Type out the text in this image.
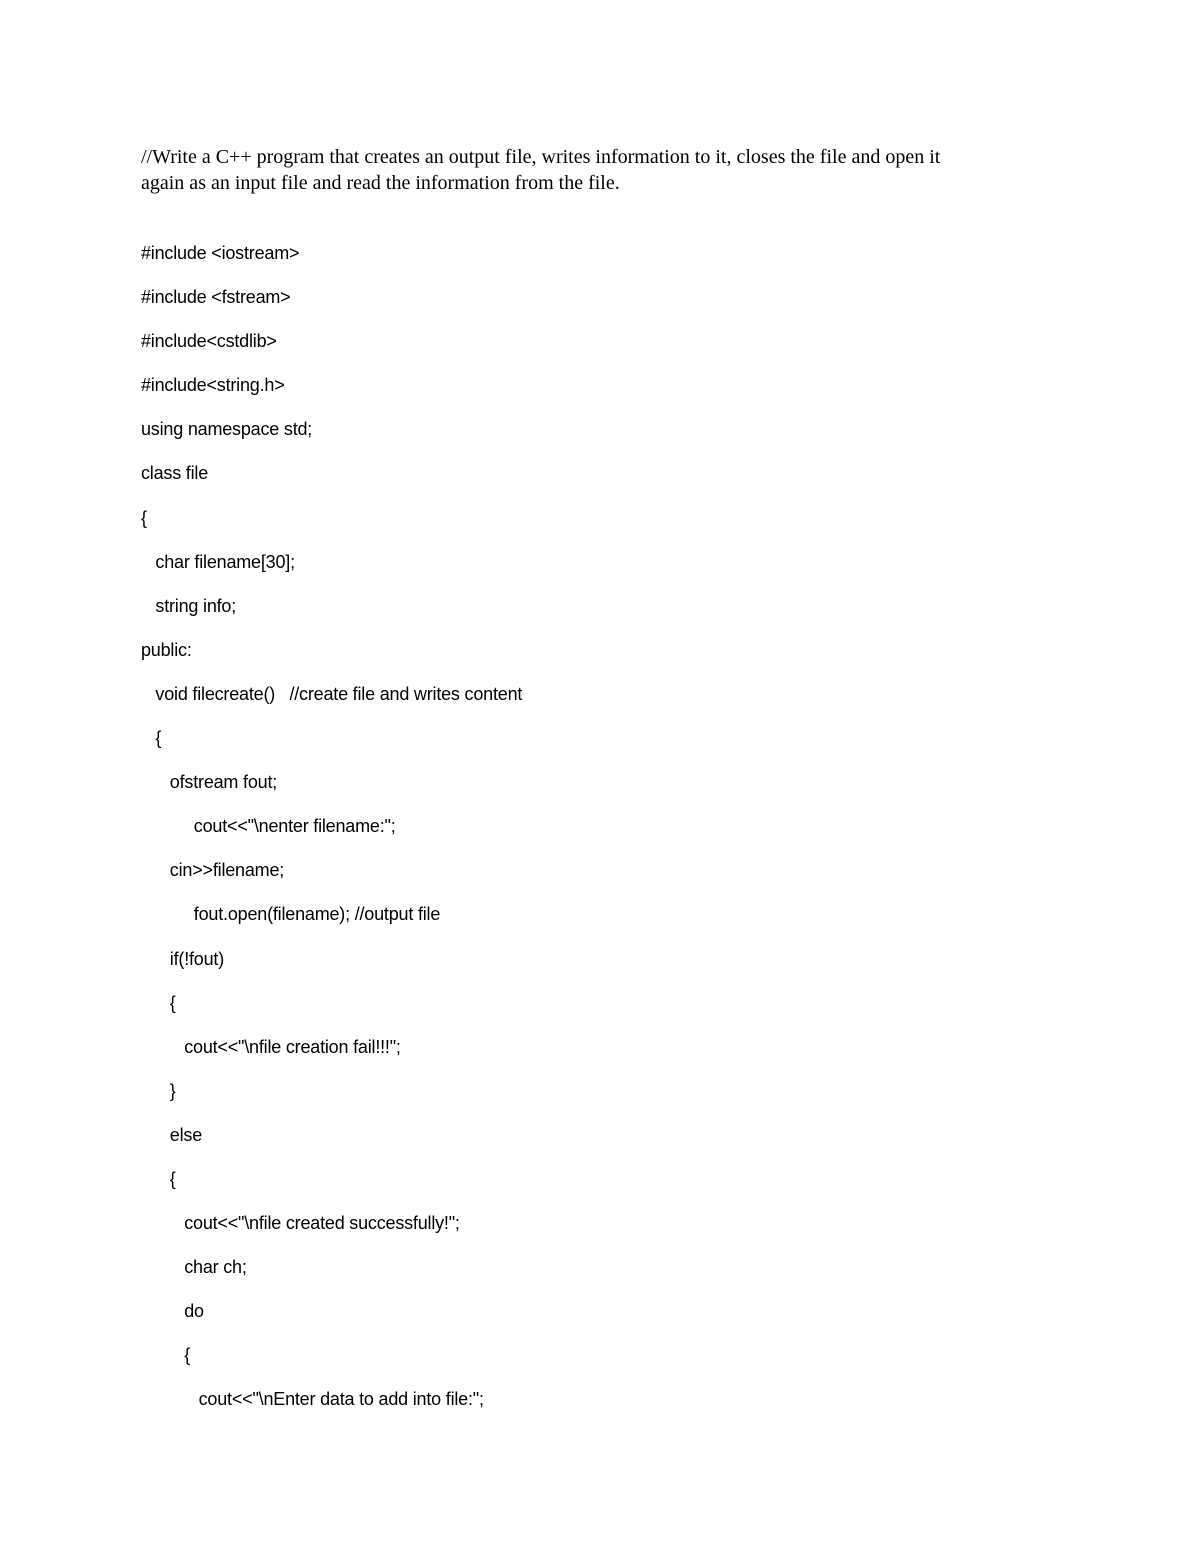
//Write a C++ program that creates an output file, writes information to it, closes the file and open it
again as an input file and read the information from the file.
#include <iostream>
#include <fstream>
#include<cstdlib>
#include<string.h>
using namespace std;
class file
{
char filename[30];
string info;
public:
void filecreate()   //create file and writes content
{
ofstream fout;
cout<<"\nenter filename:";
cin>>filename;
fout.open(filename); //output file
if(!fout)
{
cout<<"\nfile creation fail!!!";
}
else
{
cout<<"\nfile created successfully!";
char ch;
do
{
cout<<"\nEnter data to add into file:";
